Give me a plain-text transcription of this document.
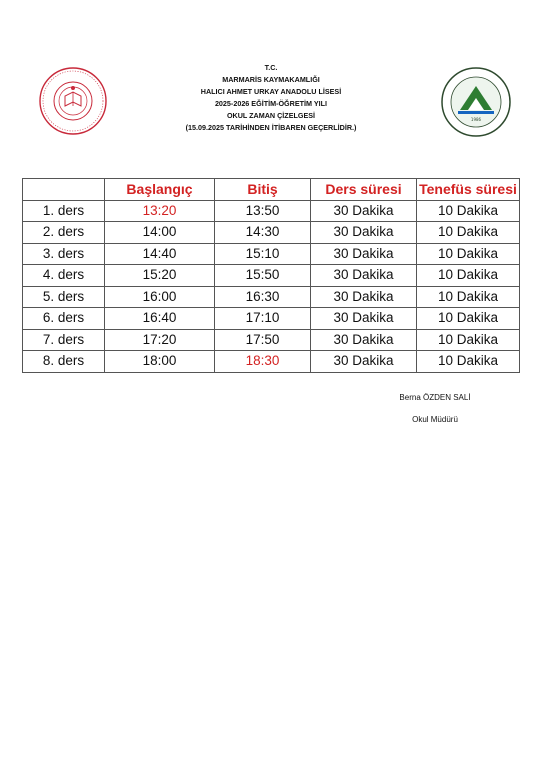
T.C.
MARMARİS KAYMAKAMLIĞI
HALICI AHMET URKAY ANADOLU LİSESİ
2025-2026 EĞİTİM-ÖĞRETİM YILI
OKUL ZAMAN ÇİZELGESİ
(15.09.2025 TARİHİNDEN İTİBAREN GEÇERLİDİR.)
1986
	Başlangıç	Bitiş	Ders süresi	Tenefüs süresi
1. ders	13:20	13:50	30 Dakika	10 Dakika
2. ders	14:00	14:30	30 Dakika	10 Dakika
3. ders	14:40	15:10	30 Dakika	10 Dakika
4. ders	15:20	15:50	30 Dakika	10 Dakika
5. ders	16:00	16:30	30 Dakika	10 Dakika
6. ders	16:40	17:10	30 Dakika	10 Dakika
7. ders	17:20	17:50	30 Dakika	10 Dakika
8. ders	18:00	18:30	30 Dakika	10 Dakika
Berna ÖZDEN SALİ
Okul Müdürü
